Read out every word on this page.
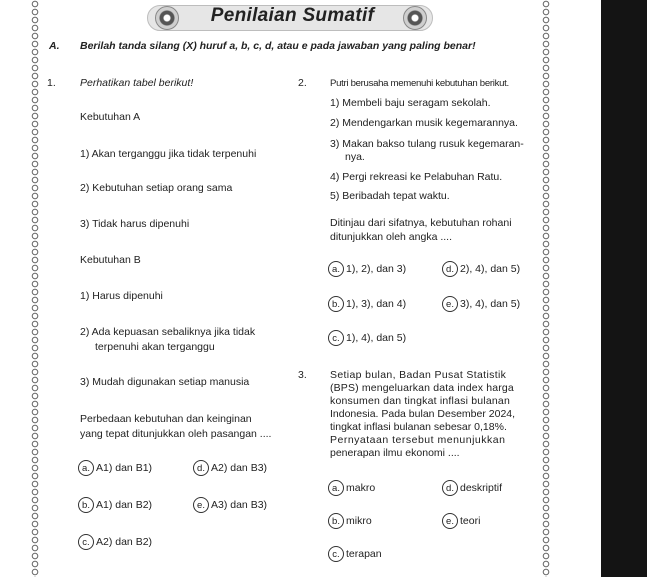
Penilaian Sumatif
A. Berilah tanda silang (X) huruf a, b, c, d, atau e pada jawaban yang paling benar!
1. Perhatikan tabel berikut!
Kebutuhan A
1) Akan terganggu jika tidak terpenuhi
2) Kebutuhan setiap orang sama
3) Tidak harus dipenuhi
Kebutuhan B
1) Harus dipenuhi
2) Ada kepuasan sebaliknya jika tidak
terpenuhi akan terganggu
3) Mudah digunakan setiap manusia
Perbedaan kebutuhan dan keinginan
yang tepat ditunjukkan oleh pasangan ....
a. A1) dan B1)	d. A2) dan B3)
b. A1) dan B2)	e. A3) dan B3)
c. A2) dan B2)
2. Putri berusaha memenuhi kebutuhan berikut.
1) Membeli baju seragam sekolah.
2) Mendengarkan musik kegemarannya.
3) Makan bakso tulang rusuk kegemaran-
nya.
4) Pergi rekreasi ke Pelabuhan Ratu.
5) Beribadah tepat waktu.
Ditinjau dari sifatnya, kebutuhan rohani
ditunjukkan oleh angka ....
a. 1), 2), dan 3)	d. 2), 4), dan 5)
b. 1), 3), dan 4)	e. 3), 4), dan 5)
c. 1), 4), dan 5)
3. Setiap bulan, Badan Pusat Statistik
(BPS) mengeluarkan data index harga
konsumen dan tingkat inflasi bulanan
Indonesia. Pada bulan Desember 2024,
tingkat inflasi bulanan sebesar 0,18%.
Pernyataan tersebut menunjukkan
penerapan ilmu ekonomi ....
a. makro	d. deskriptif
b. mikro	e. teori
c. terapan
